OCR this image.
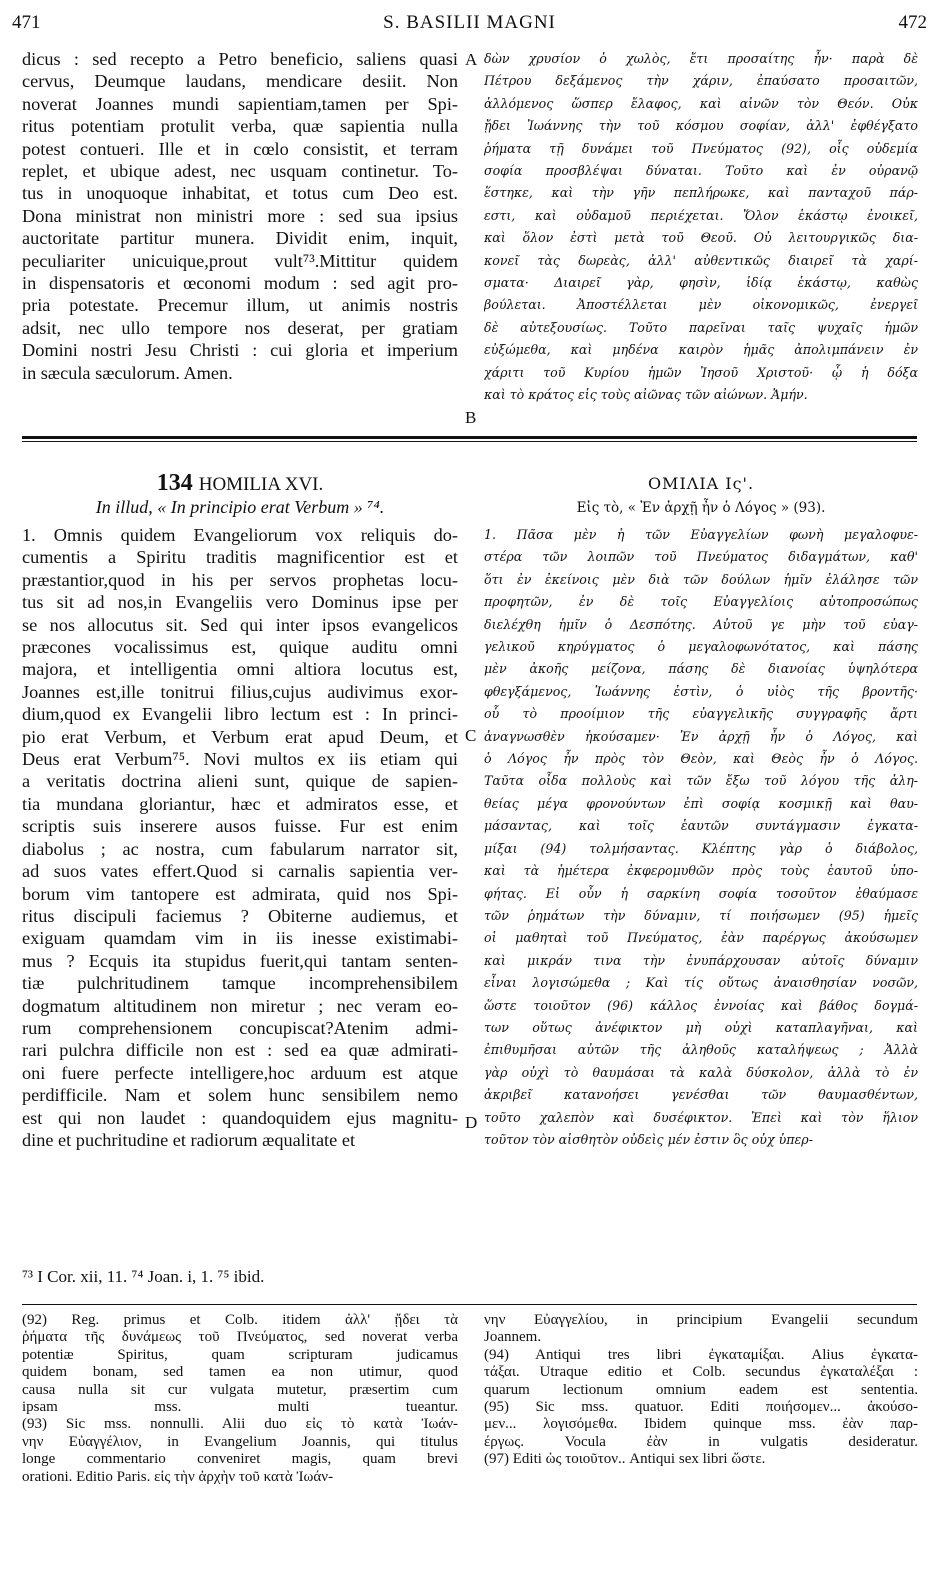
471	S. BASILII MAGNI	472
dicus : sed recepto a Petro beneficio, saliens quasi
cervus, Deumque laudans, mendicare desiit. Non
noverat Joannes mundi sapientiam,tamen per Spi-
ritus potentiam protulit verba, quæ sapientia nulla
potest contueri. Ille et in cœlo consistit, et terram
replet, et ubique adest, nec usquam continetur. To-
tus in unoquoque inhabitat, et totus cum Deo est.
Dona ministrat non ministri more : sed sua ipsius
auctoritate partitur munera. Dividit enim, inquit,
peculiariter unicuique,prout vult⁷³.Mittitur quidem
in dispensatoris et œconomi modum : sed agit pro-
pria potestate. Precemur illum, ut animis nostris
adsit, nec ullo tempore nos deserat, per gratiam
Domini nostri Jesu Christi : cui gloria et imperium
in sæcula sæculorum. Amen.
δὼν χρυσίον ὁ χωλὸς, ἔτι προσαίτης ἦν· παρὰ δὲ
Πέτρου δεξάμενος τὴν χάριν, ἐπαύσατο προσαιτῶν,
ἁλλόμενος ὥσπερ ἔλαφος, καὶ αἰνῶν τὸν Θεόν. Οὐκ
ᾔδει Ἰωάννης τὴν τοῦ κόσμου σοφίαν, ἀλλ' ἐφθέγξατο
ῥήματα τῇ δυνάμει τοῦ Πνεύματος (92), οἷς οὐδεμία
σοφία προσβλέψαι δύναται. Τοῦτο καὶ ἐν οὐρανῷ
ἕστηκε, καὶ τὴν γῆν πεπλήρωκε, καὶ πανταχοῦ πάρ-
εστι, καὶ οὐδαμοῦ περιέχεται. Ὅλον ἑκάστῳ ἐνοικεῖ,
καὶ ὅλον ἐστὶ μετὰ τοῦ Θεοῦ. Οὐ λειτουργικῶς δια-
κονεῖ τὰς δωρεὰς, ἀλλ' αὐθεντικῶς διαιρεῖ τὰ χαρί-
σματα· Διαιρεῖ γὰρ, φησὶν, ἰδίᾳ ἑκάστῳ, καθὼς
βούλεται. Ἀποστέλλεται μὲν οἰκονομικῶς, ἐνεργεῖ
δὲ αὐτεξουσίως. Τοῦτο παρεῖναι ταῖς ψυχαῖς ἡμῶν
εὐξώμεθα, καὶ μηδένα καιρὸν ἡμᾶς ἀπολιμπάνειν ἐν
χάριτι τοῦ Κυρίου ἡμῶν Ἰησοῦ Χριστοῦ· ᾧ ἡ δόξα
καὶ τὸ κράτος εἰς τοὺς αἰῶνας τῶν αἰώνων. Ἀμήν.
A
B
134 HOMILIA XVI.
In illud, « In principio erat Verbum » ⁷⁴.
ΟΜΙΛΙΑ Ις'.
Εἰς τὸ, « Ἐν ἀρχῇ ἦν ὁ Λόγος » (93).
1. Omnis quidem Evangeliorum vox reliquis do-
cumentis a Spiritu traditis magnificentior est et
præstantior,quod in his per servos prophetas locu-
tus sit ad nos,in Evangeliis vero Dominus ipse per
se nos allocutus sit. Sed qui inter ipsos evangelicos
præcones vocalissimus est, quique auditu omni
majora, et intelligentia omni altiora locutus est,
Joannes est,ille tonitrui filius,cujus audivimus exor-
dium,quod ex Evangelii libro lectum est : In princi-
pio erat Verbum, et Verbum erat apud Deum, et
Deus erat Verbum⁷⁵. Novi multos ex iis etiam qui
a veritatis doctrina alieni sunt, quique de sapien-
tia mundana gloriantur, hæc et admiratos esse, et
scriptis suis inserere ausos fuisse. Fur est enim
diabolus ; ac nostra, cum fabularum narrator sit,
ad suos vates effert.Quod si carnalis sapientia ver-
borum vim tantopere est admirata, quid nos Spi-
ritus discipuli faciemus ? Obiterne audiemus, et
exiguam quamdam vim in iis inesse existimabi-
mus ? Ecquis ita stupidus fuerit,qui tantam senten-
tiæ pulchritudinem tamque incomprehensibilem
dogmatum altitudinem non miretur ; nec veram eo-
rum comprehensionem concupiscat?Atenim admi-
rari pulchra difficile non est : sed ea quæ admirati-
oni fuere perfecte intelligere,hoc arduum est atque
perdifficile. Nam et solem hunc sensibilem nemo
est qui non laudet : quandoquidem ejus magnitu-
dine et puchritudine et radiorum æqualitate et
1. Πᾶσα μὲν ἡ τῶν Εὐαγγελίων φωνὴ μεγαλοφυε-
στέρα τῶν λοιπῶν τοῦ Πνεύματος διδαγμάτων, καθ'
ὅτι ἐν ἐκείνοις μὲν διὰ τῶν δούλων ἡμῖν ἐλάλησε τῶν
προφητῶν, ἐν δὲ τοῖς Εὐαγγελίοις αὐτοπροσώπως
διελέχθη ἡμῖν ὁ Δεσπότης. Αὐτοῦ γε μὴν τοῦ εὐαγ-
γελικοῦ κηρύγματος ὁ μεγαλοφωνότατος, καὶ πάσης
μὲν ἀκοῆς μείζονα, πάσης δὲ διανοίας ὑψηλότερα
φθεγξάμενος, Ἰωάννης ἐστὶν, ὁ υἱὸς τῆς βροντῆς·
οὗ τὸ προοίμιον τῆς εὐαγγελικῆς συγγραφῆς ἄρτι
ἀναγνωσθὲν ἠκούσαμεν· Ἐν ἀρχῇ ἦν ὁ Λόγος, καὶ
ὁ Λόγος ἦν πρὸς τὸν Θεὸν, καὶ Θεὸς ἦν ὁ Λόγος.
Ταῦτα οἶδα πολλοὺς καὶ τῶν ἔξω τοῦ λόγου τῆς ἀλη-
θείας μέγα φρονούντων ἐπὶ σοφίᾳ κοσμικῇ καὶ θαυ-
μάσαντας, καὶ τοῖς ἑαυτῶν συντάγμασιν ἐγκατα-
μίξαι (94) τολμήσαντας. Κλέπτης γὰρ ὁ διάβολος,
καὶ τὰ ἡμέτερα ἐκφερομυθῶν πρὸς τοὺς ἑαυτοῦ ὑπο-
φήτας. Εἰ οὖν ἡ σαρκίνη σοφία τοσοῦτον ἐθαύμασε
τῶν ῥημάτων τὴν δύναμιν, τί ποιήσωμεν (95) ἡμεῖς
οἱ μαθηταὶ τοῦ Πνεύματος, ἐὰν παρέργως ἀκούσωμεν
καὶ μικράν τινα τὴν ἐνυπάρχουσαν αὐτοῖς δύναμιν
εἶναι λογισώμεθα ; Καὶ τίς οὕτως ἀναισθησίαν νοσῶν,
ὥστε τοιοῦτον (96) κάλλος ἐννοίας καὶ βάθος δογμά-
των οὕτως ἀνέφικτον μὴ οὐχὶ καταπλαγῆναι, καὶ
ἐπιθυμῆσαι αὐτῶν τῆς ἀληθοῦς καταλήψεως ; Ἀλλὰ
γὰρ οὐχὶ τὸ θαυμάσαι τὰ καλὰ δύσκολον, ἀλλὰ τὸ ἐν
ἀκριβεῖ κατανοήσει γενέσθαι τῶν θαυμασθέντων,
τοῦτο χαλεπὸν καὶ δυσέφικτον. Ἐπεὶ καὶ τὸν ἥλιον
τοῦτον τὸν αἰσθητὸν οὐδεὶς μέν ἐστιν ὃς οὐχ ὑπερ-
C
D
⁷³ I Cor. xii, 11. ⁷⁴ Joan. i, 1. ⁷⁵ ibid.
(92) Reg. primus et Colb. itidem ἀλλ' ᾔδει τὰ
ῥήματα τῆς δυνάμεως τοῦ Πνεύματος, sed noverat verba
potentiæ Spiritus, quam scripturam judicamus
quidem bonam, sed tamen ea non utimur, quod
causa nulla sit cur vulgata mutetur, præsertim cum
ipsam mss. multi tueantur.
(93) Sic mss. nonnulli. Alii duo εἰς τὸ κατὰ Ἰωάν-
νην Εὐαγγέλιον, in Evangelium Joannis, qui titulus
longe commentario conveniret magis, quam brevi
orationi. Editio Paris. εἰς τὴν ἀρχὴν τοῦ κατὰ Ἰωάν-
νην Εὐαγγελίου, in principium Evangelii secundum
Joannem.
(94) Antiqui tres libri ἐγκαταμίξαι. Alius ἐγκατα-
τάξαι. Utraque editio et Colb. secundus ἐγκαταλέξαι :
quarum lectionum omnium eadem est sententia.
(95) Sic mss. quatuor. Editi ποιήσομεν... ἀκούσο-
μεν... λογισόμεθα. Ibidem quinque mss. ἐὰν παρ-
έργως. Vocula ἐὰν in vulgatis desideratur.
(97) Editi ὡς τοιοῦτον.. Antiqui sex libri ὥστε.
